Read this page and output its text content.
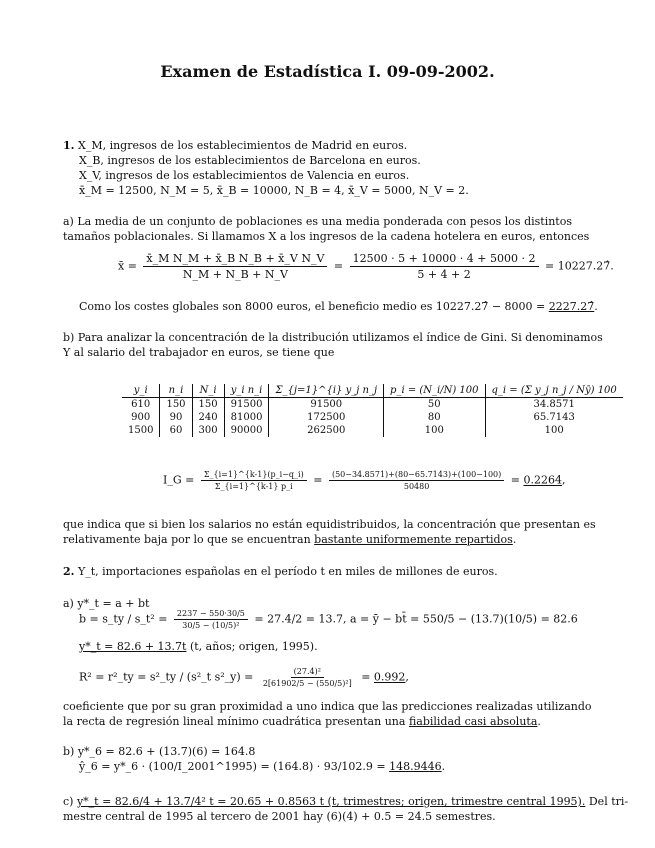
Examen de Estadística I. 09-09-2002.
1. X_M, ingresos de los establecimientos de Madrid en euros.
X_B, ingresos de los establecimientos de Barcelona en euros.
X_V, ingresos de los establecimientos de Valencia en euros.
x̄_M = 12500, N_M = 5, x̄_B = 10000, N_B = 4, x̄_V = 5000, N_V = 2.
a) La media de un conjunto de poblaciones es una media ponderada con pesos los distintos
tamaños poblacionales. Si llamamos X a los ingresos de la cadena hotelera en euros, entonces
x̄ = $\frac{\text{x̄\_M N\_M + x̄\_B N\_B + x̄\_V N\_V}}{N\_M + N\_B + N\_V} = \frac{12500 \cdot 5 + 10000 \cdot 4 + 5000 \cdot 2}{5 + 4 + 2}$ = 10227.27̂.
Como los costes globales son 8000 euros, el beneficio medio es 10227.27̂ − 8000 = 2227.27̂.
b) Para analizar la concentración de la distribución utilizamos el índice de Gini. Si denominamos
Y al salario del trabajador en euros, se tiene que
y_i	n_i	N_i	y_i n_i	Σ_{j=1}^{i} y_j n_j	p_i = (N_i/N) 100	q_i = (Σ y_j n_j / Nȳ) 100
610	150	150	91500	91500	50	34.8571
900	90	240	81000	172500	80	65.7143
1500	60	300	90000	262500	100	100
I_G = $\frac{\Sigma\_\{i=1\}\^{}\{k-1\}(p\_i-q\_i)}{\Sigma\_\{i=1\}\^{}\{k-1\} p\_i} = \frac{(50-34.8571)+(80-65.7143)+(100-100)}{50480} = 0.2264$,
que indica que si bien los salarios no están equidistribuidos, la concentración que presentan es
relativamente baja por lo que se encuentran bastante uniformemente repartidos.
2. Y_t, importaciones españolas en el período t en miles de millones de euros.
a) y*_t = a + bt
b = s_ty / s_t² = $\frac{2237 - 550\cdot 30/5}{\text{30/5 − (10/5)²}} = 27.4/2 = 13.7$, a = ȳ − bt̄ = 550/5 − (13.7)(10/5) = 82.6
y*_t = 82.6 + 13.7t (t, años; origen, 1995).
R² = r²_ty = s²_ty / (s²_t s²_y) = $\frac{\text{(27.4)²}}{\text{2[61902/5 − (550/5)²]}} = 0.992$,
coeficiente que por su gran proximidad a uno indica que las predicciones realizadas utilizando
la recta de regresión lineal mínimo cuadrática presentan una fiabilidad casi absoluta.
b) y*_6 = 82.6 + (13.7)(6) = 164.8
ŷ_6 = y*_6 · (100/I_2001^1995) = (164.8) · 93/102.9 = 148.9446.
c) y*_t = 82.6/4 + 13.7/4² t = 20.65 + 0.8563 t (t, trimestres; origen, trimestre central 1995). Del tri-
mestre central de 1995 al tercero de 2001 hay (6)(4) + 0.5 = 24.5 semestres.
